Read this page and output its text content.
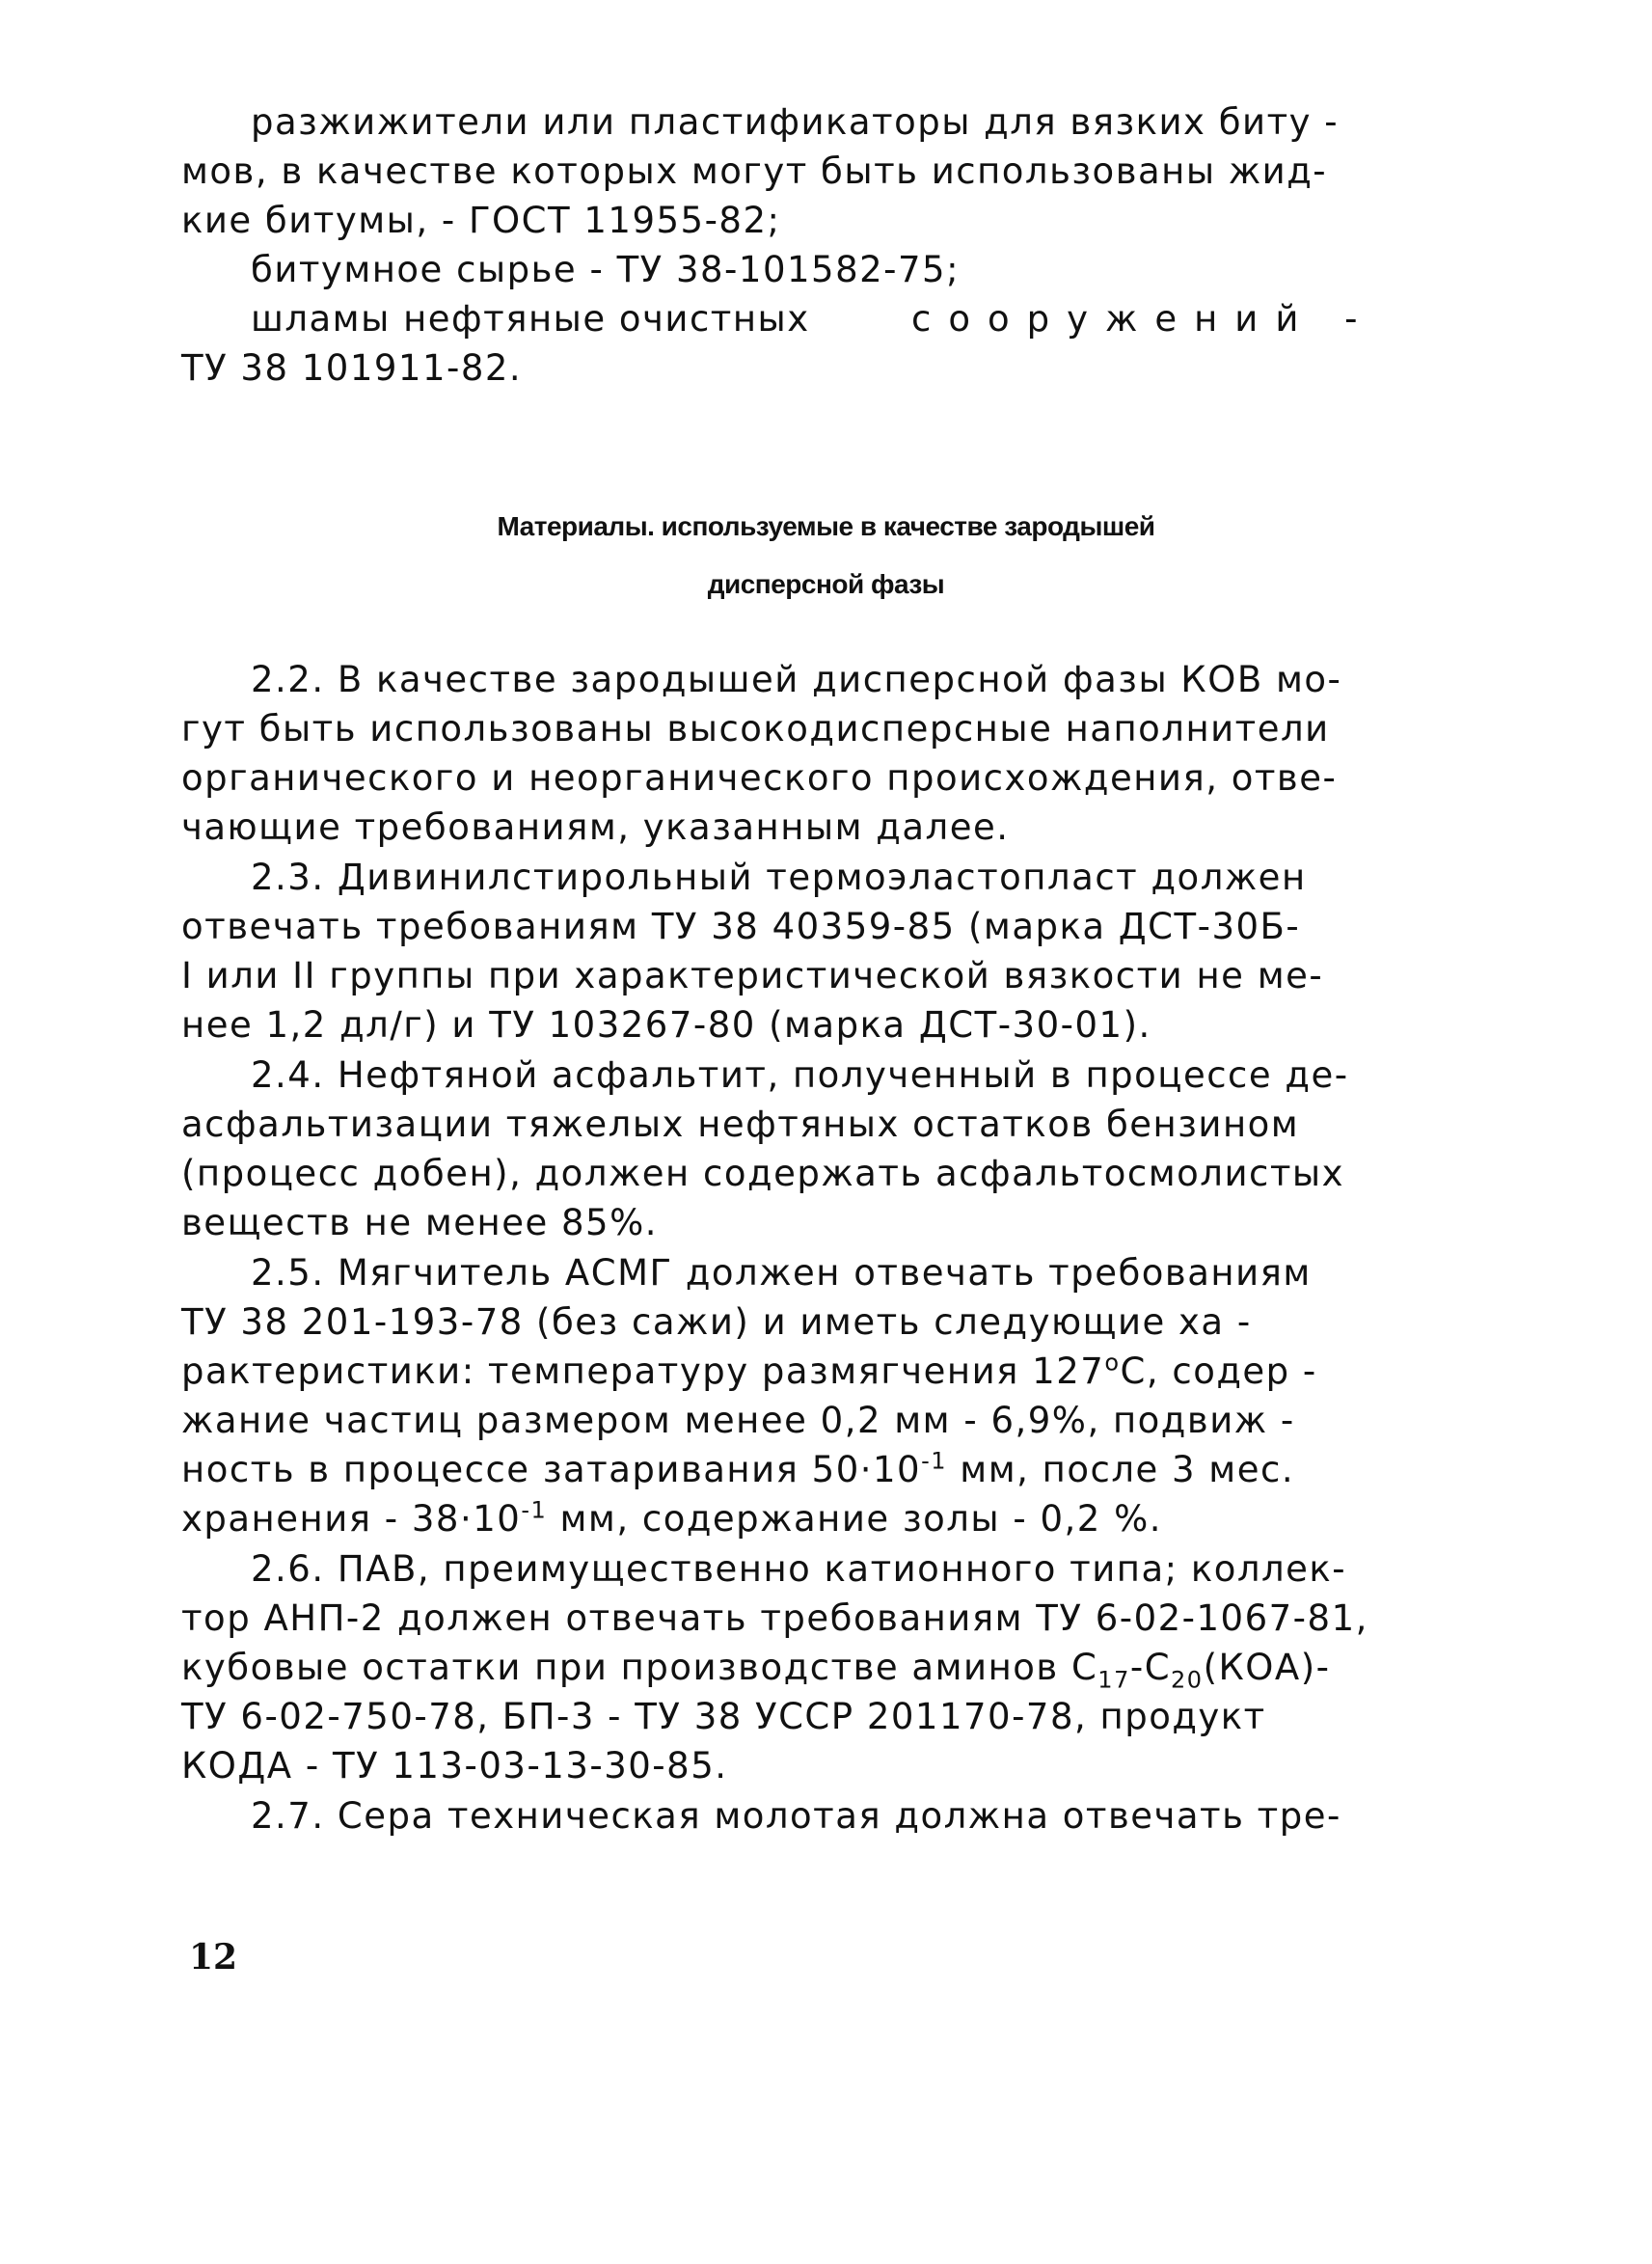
разжижители или пластификаторы для вязких биту -
мов, в качестве которых могут быть использованы жид-
кие битумы, - ГОСТ 11955-82;
битумное сырье - ТУ 38-101582-75;
шламы нефтяные очистных	сооружений -
ТУ 38 101911-82.
Материалы. используемые в качестве зародышей
дисперсной фазы
2.2. В качестве зародышей дисперсной фазы КОВ мо-
гут быть использованы высокодисперсные наполнители
органического и неорганического происхождения, отве-
чающие требованиям, указанным далее.
2.3. Дивинилстирольный термоэластопласт должен
отвечать требованиям ТУ 38 40359-85 (марка ДСТ-30Б-
I или II группы при характеристической вязкости не ме-
нее 1,2 дл/г) и ТУ 103267-80 (марка ДСТ-30-01).
2.4. Нефтяной асфальтит, полученный в процессе де-
асфальтизации тяжелых нефтяных остатков бензином
(процесс добен), должен содержать асфальтосмолистых
веществ не менее 85%.
2.5. Мягчитель АСМГ должен отвечать требованиям
ТУ 38 201-193-78 (без сажи) и иметь следующие ха -
рактеристики: температуру размягчения $127^оС$, содер -
жание частиц размером менее 0,2 мм - 6,9%, подвиж -
ность в процессе затаривания $50\cdot 10^{-1}$ мм, после 3 мес.
хранения - $38\cdot 10^{-1}$ мм, содержание золы - 0,2 %.
2.6. ПАВ, преимущественно катионного типа; коллек-
тор АНП-2 должен отвечать требованиям ТУ 6-02-1067-81,
кубовые остатки при производстве аминов $С_{17}-С_{20}(КОА)-$
ТУ 6-02-750-78, БП-3 - ТУ 38 УССР 201170-78, продукт
КОДА - ТУ 113-03-13-30-85.
2.7. Сера техническая молотая должна отвечать тре-
12
